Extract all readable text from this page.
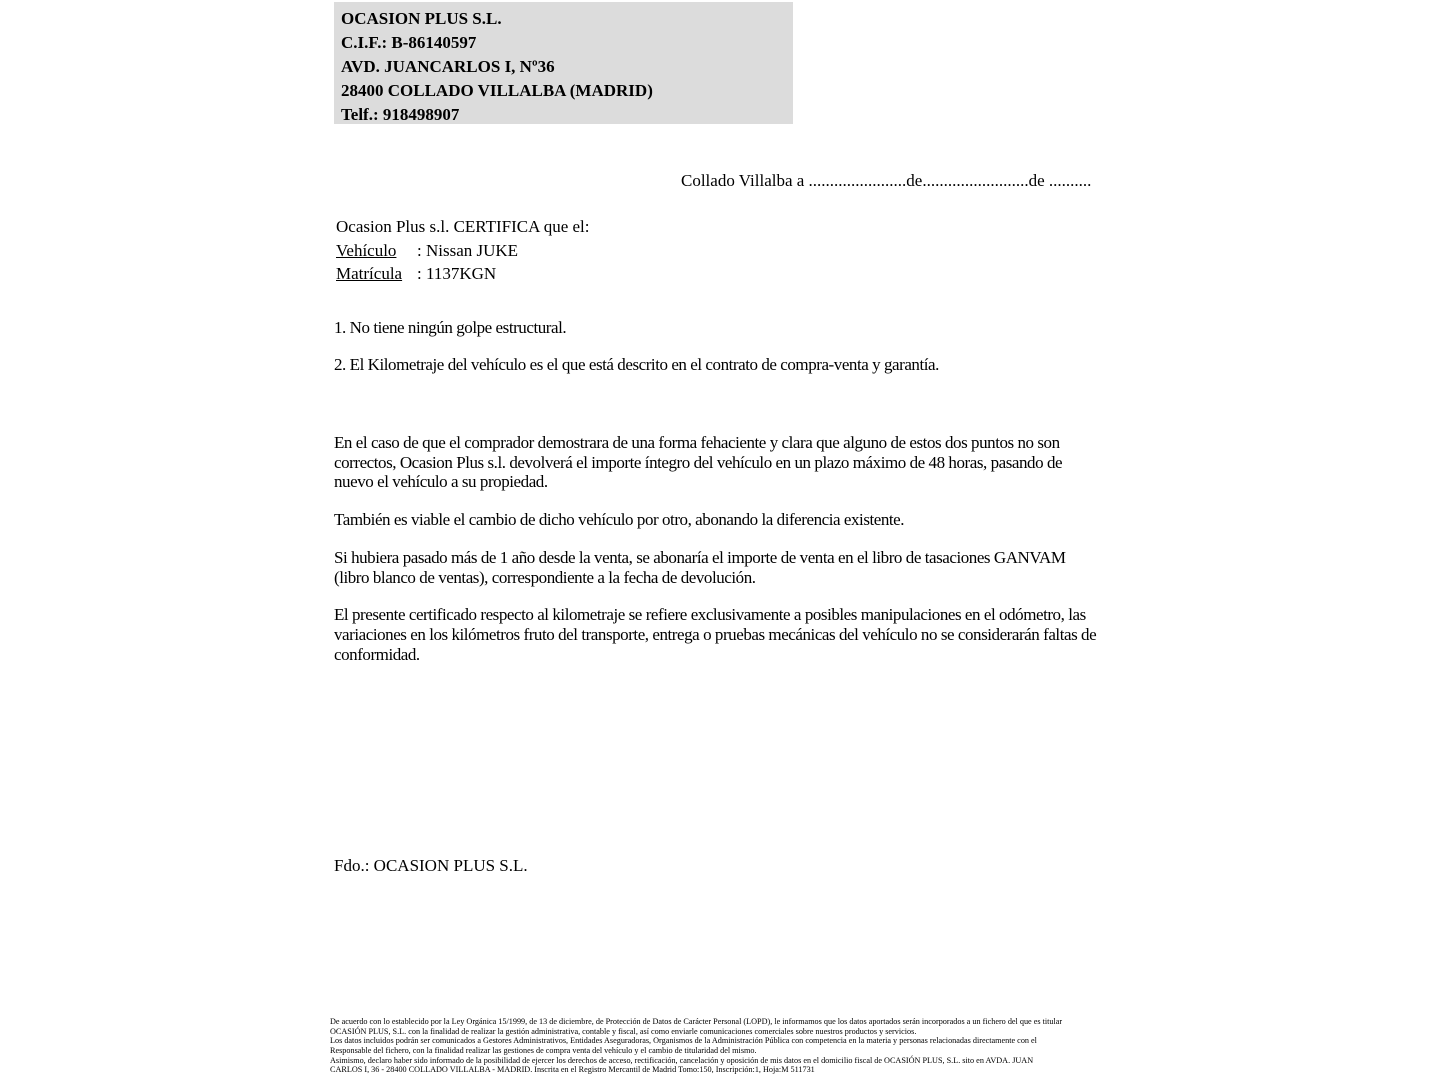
OCASION PLUS S.L.
C.I.F.: B-86140597
AVD. JUANCARLOS I, Nº36
28400 COLLADO VILLALBA (MADRID)
Telf.: 918498907
Collado Villalba a .......................de.........................de ..........
Ocasion Plus s.l. CERTIFICA que el:
Vehículo : Nissan JUKE
Matrícula : 1137KGN
1. No tiene ningún golpe estructural.
2. El Kilometraje del vehículo es el que está descrito en el contrato de compra-venta y garantía.
En el caso de que el comprador demostrara de una forma fehaciente y clara que alguno de estos dos puntos no son correctos, Ocasion Plus s.l. devolverá el importe íntegro del vehículo en un plazo máximo de 48 horas, pasando de nuevo el vehículo a su propiedad.
También es viable el cambio de dicho vehículo por otro, abonando la diferencia existente.
Si hubiera pasado más de 1 año desde la venta, se abonaría el importe de venta en el libro de tasaciones GANVAM (libro blanco de ventas), correspondiente a la fecha de devolución.
El presente certificado respecto al kilometraje se refiere exclusivamente a posibles manipulaciones en el odómetro, las variaciones en los kilómetros fruto del transporte, entrega o pruebas mecánicas del vehículo no se considerarán faltas de conformidad.
Fdo.: OCASION PLUS S.L.
De acuerdo con lo establecido por la Ley Orgánica 15/1999, de 13 de diciembre, de Protección de Datos de Carácter Personal (LOPD), le informamos que los datos aportados serán incorporados a un fichero del que es titular
OCASIÓN PLUS, S.L. con la finalidad de realizar la gestión administrativa, contable y fiscal, así como enviarle comunicaciones comerciales sobre nuestros productos y servicios.
Los datos incluidos podrán ser comunicados a Gestores Administrativos, Entidades Aseguradoras, Organismos de la Administración Pública con competencia en la materia y personas relacionadas directamente con el
Responsable del fichero, con la finalidad realizar las gestiones de compra venta del vehículo y el cambio de titularidad del mismo.
Asimismo, declaro haber sido informado de la posibilidad de ejercer los derechos de acceso, rectificación, cancelación y oposición de mis datos en el domicilio fiscal de OCASIÓN PLUS, S.L. sito en AVDA. JUAN
CARLOS I, 36 - 28400 COLLADO VILLALBA - MADRID. Inscrita en el Registro Mercantil de Madrid Tomo:150, Inscripción:1, Hoja:M 511731
